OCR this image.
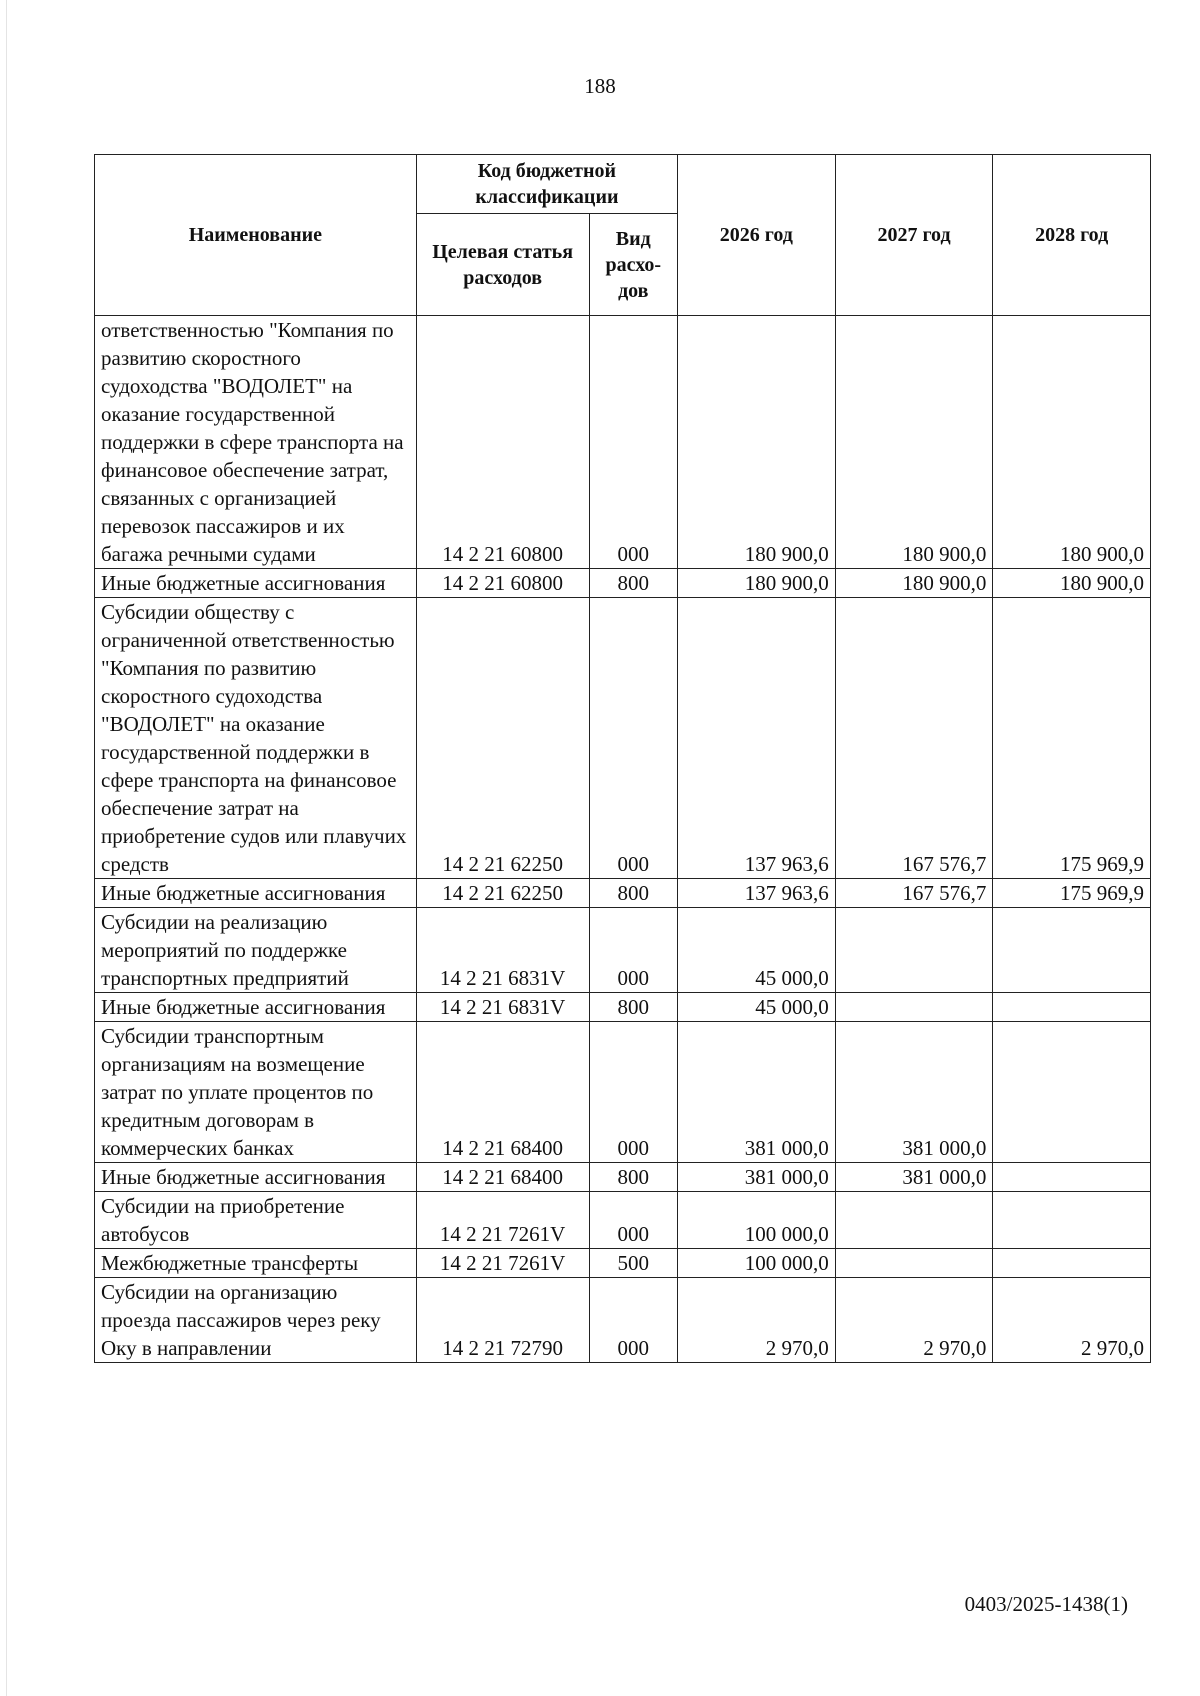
188
Наименование	Код бюджетной классификации		2026 год	2027 год	2028 год
	Целевая статья расходов	Вид расхо-дов			
ответственностью "Компания по развитию скоростного судоходства "ВОДОЛЕТ" на оказание государственной поддержки в сфере транспорта на финансовое обеспечение затрат, связанных с организацией перевозок пассажиров и их багажа речными судами	14 2 21 60800	000	180 900,0	180 900,0	180 900,0
Иные бюджетные ассигнования	14 2 21 60800	800	180 900,0	180 900,0	180 900,0
Субсидии обществу с ограниченной ответственностью "Компания по развитию скоростного судоходства "ВОДОЛЕТ" на оказание государственной поддержки в сфере транспорта на финансовое обеспечение затрат на приобретение судов или плавучих средств	14 2 21 62250	000	137 963,6	167 576,7	175 969,9
Иные бюджетные ассигнования	14 2 21 62250	800	137 963,6	167 576,7	175 969,9
Субсидии на реализацию мероприятий по поддержке транспортных предприятий	14 2 21 6831V	000	45 000,0		
Иные бюджетные ассигнования	14 2 21 6831V	800	45 000,0		
Субсидии транспортным организациям на возмещение затрат по уплате процентов по кредитным договорам в коммерческих банках	14 2 21 68400	000	381 000,0	381 000,0	
Иные бюджетные ассигнования	14 2 21 68400	800	381 000,0	381 000,0	
Субсидии на приобретение автобусов	14 2 21 7261V	000	100 000,0		
Межбюджетные трансферты	14 2 21 7261V	500	100 000,0		
Субсидии на организацию проезда пассажиров через реку Оку в направлении	14 2 21 72790	000	2 970,0	2 970,0	2 970,0
0403/2025-1438(1)
